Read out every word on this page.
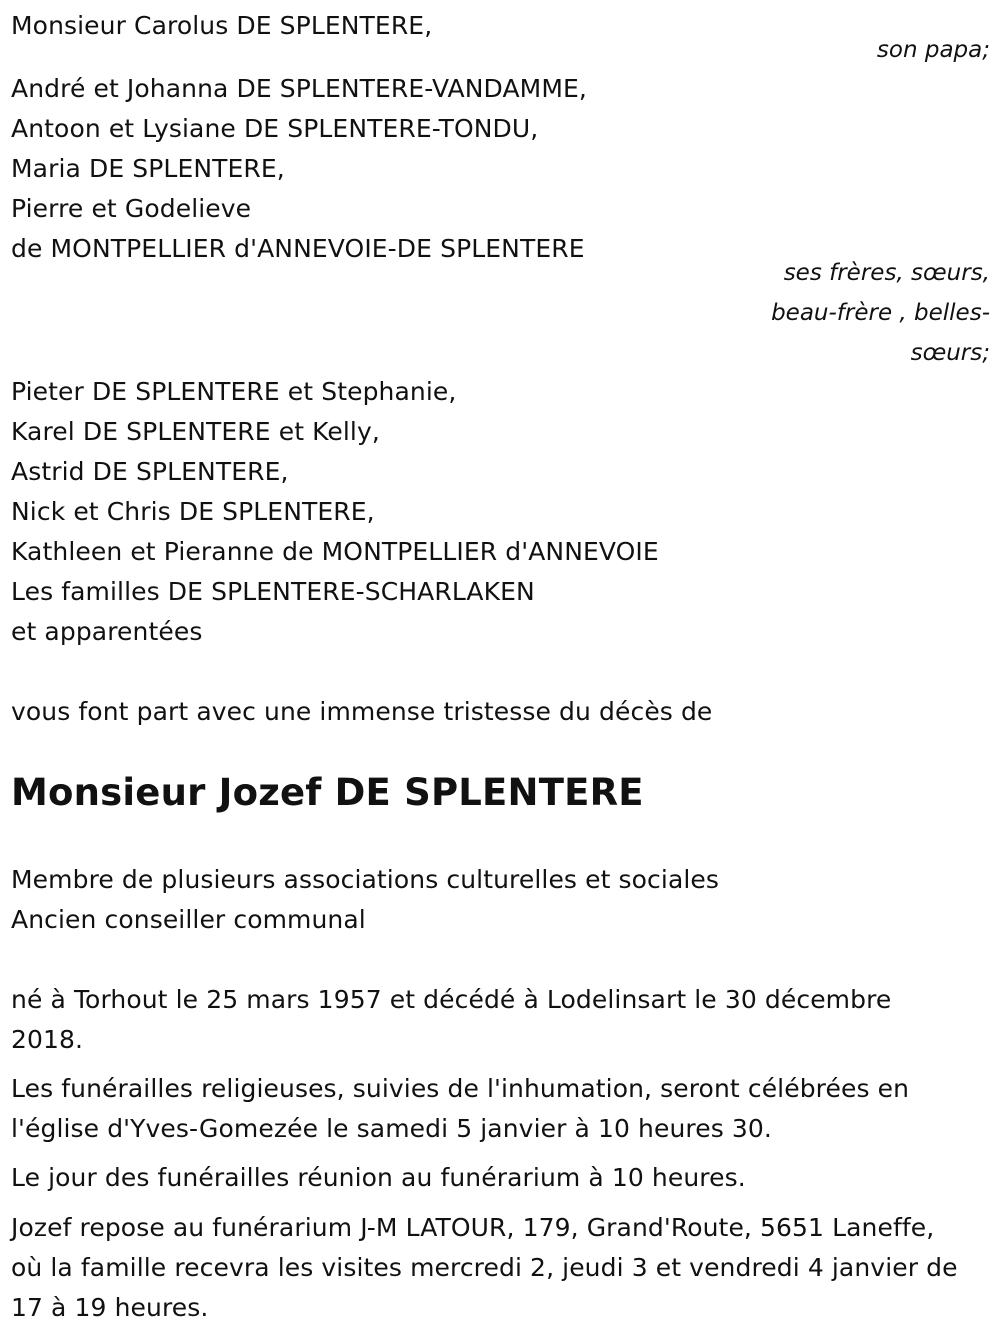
Monsieur Carolus DE SPLENTERE,
son papa;
André et Johanna DE SPLENTERE-VANDAMME,
Antoon et Lysiane DE SPLENTERE-TONDU,
Maria DE SPLENTERE,
Pierre et Godelieve
de MONTPELLIER d'ANNEVOIE-DE SPLENTERE
ses frères, sœurs,
beau-frère , belles-
sœurs;
Pieter DE SPLENTERE et Stephanie,
Karel DE SPLENTERE et Kelly,
Astrid DE SPLENTERE,
Nick et Chris DE SPLENTERE,
Kathleen et Pieranne de MONTPELLIER d'ANNEVOIE
Les familles DE SPLENTERE-SCHARLAKEN
et apparentées
vous font part avec une immense tristesse du décès de
Monsieur Jozef DE SPLENTERE
Membre de plusieurs associations culturelles et sociales
Ancien conseiller communal
né à Torhout le 25 mars 1957 et décédé à Lodelinsart le 30 décembre 2018.
Les funérailles religieuses, suivies de l'inhumation, seront célébrées en l'église d'Yves-Gomezée le samedi 5 janvier à 10 heures 30.
Le jour des funérailles réunion au funérarium à 10 heures.
Jozef repose au funérarium J-M LATOUR, 179, Grand'Route, 5651 Laneffe, où la famille recevra les visites mercredi 2, jeudi 3 et vendredi 4 janvier de 17 à 19 heures.
